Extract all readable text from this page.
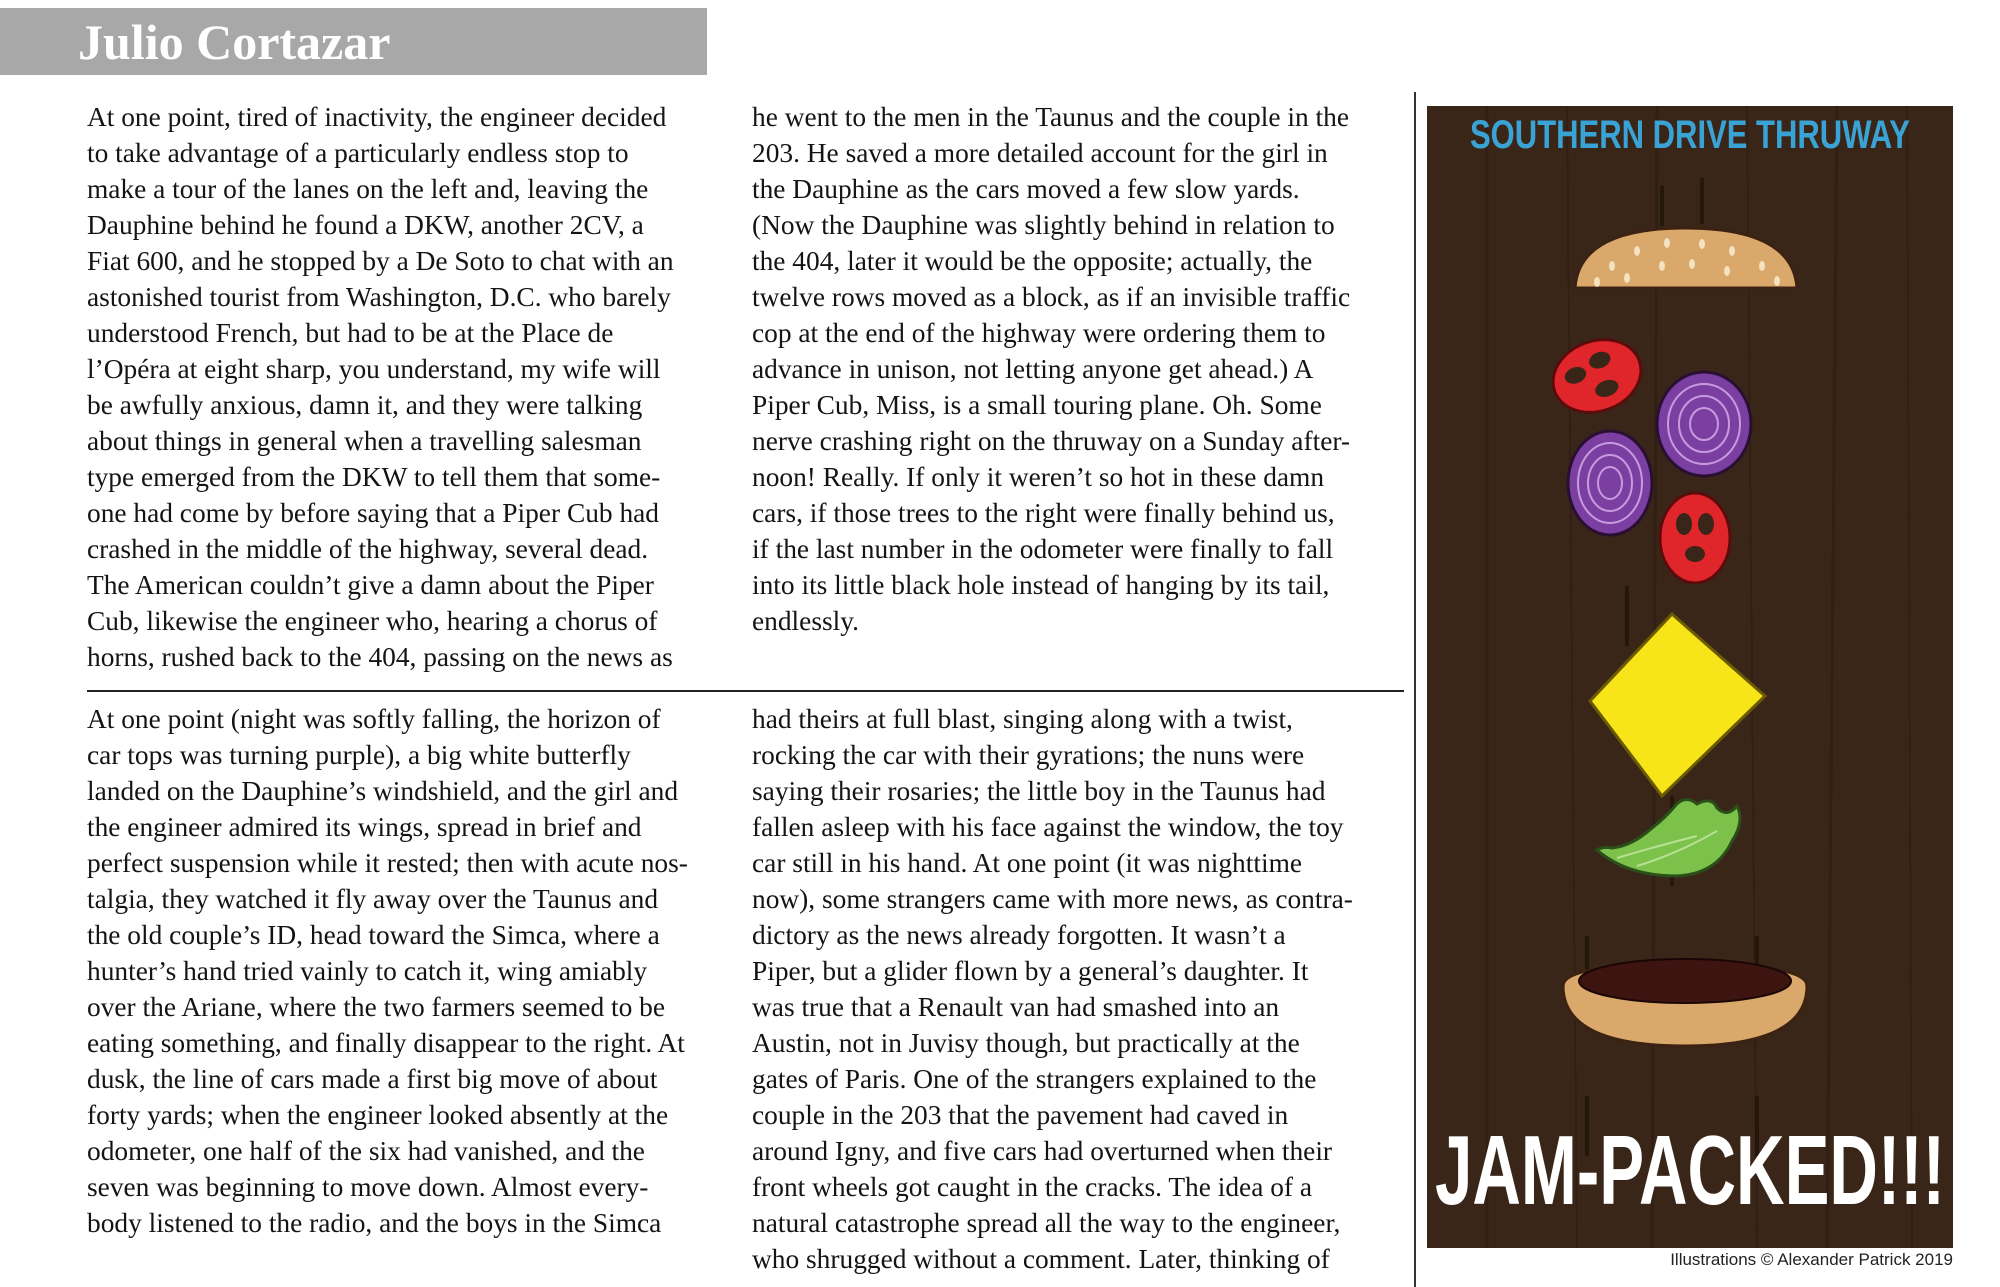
Julio Cortazar

At one point, tired of inactivity, the engineer decided
to take advantage of a particularly endless stop to
make a tour of the lanes on the left and, leaving the
Dauphine behind he found a DKW, another 2CV, a
Fiat 600, and he stopped by a De Soto to chat with an
astonished tourist from Washington, D.C. who barely
understood French, but had to be at the Place de
l’Opéra at eight sharp, you understand, my wife will
be awfully anxious, damn it, and they were talking
about things in general when a travelling salesman
type emerged from the DKW to tell them that some-
one had come by before saying that a Piper Cub had
crashed in the middle of the highway, several dead.
The American couldn’t give a damn about the Piper
Cub, likewise the engineer who, hearing a chorus of
horns, rushed back to the 404, passing on the news as

he went to the men in the Taunus and the couple in the
203. He saved a more detailed account for the girl in
the Dauphine as the cars moved a few slow yards.
(Now the Dauphine was slightly behind in relation to
the 404, later it would be the opposite; actually, the
twelve rows moved as a block, as if an invisible traffic
cop at the end of the highway were ordering them to
advance in unison, not letting anyone get ahead.) A
Piper Cub, Miss, is a small touring plane. Oh. Some
nerve crashing right on the thruway on a Sunday after-
noon! Really. If only it weren’t so hot in these damn
cars, if those trees to the right were finally behind us,
if the last number in the odometer were finally to fall
into its little black hole instead of hanging by its tail,
endlessly.

At one point (night was softly falling, the horizon of
car tops was turning purple), a big white butterfly
landed on the Dauphine’s windshield, and the girl and
the engineer admired its wings, spread in brief and
perfect suspension while it rested; then with acute nos-
talgia, they watched it fly away over the Taunus and
the old couple’s ID, head toward the Simca, where a
hunter’s hand tried vainly to catch it, wing amiably
over the Ariane, where the two farmers seemed to be
eating something, and finally disappear to the right. At
dusk, the line of cars made a first big move of about
forty yards; when the engineer looked absently at the
odometer, one half of the six had vanished, and the
seven was beginning to move down. Almost every-
body listened to the radio, and the boys in the Simca

had theirs at full blast, singing along with a twist,
rocking the car with their gyrations; the nuns were
saying their rosaries; the little boy in the Taunus had
fallen asleep with his face against the window, the toy
car still in his hand. At one point (it was nighttime
now), some strangers came with more news, as contra-
dictory as the news already forgotten. It wasn’t a
Piper, but a glider flown by a general’s daughter. It
was true that a Renault van had smashed into an
Austin, not in Juvisy though, but practically at the
gates of Paris. One of the strangers explained to the
couple in the 203 that the pavement had caved in
around Igny, and five cars had overturned when their
front wheels got caught in the cracks. The idea of a
natural catastrophe spread all the way to the engineer,
who shrugged without a comment. Later, thinking of

SOUTHERN DRIVE THRUWAY
JAM-PACKED!!!
Illustrations © Alexander Patrick 2019
